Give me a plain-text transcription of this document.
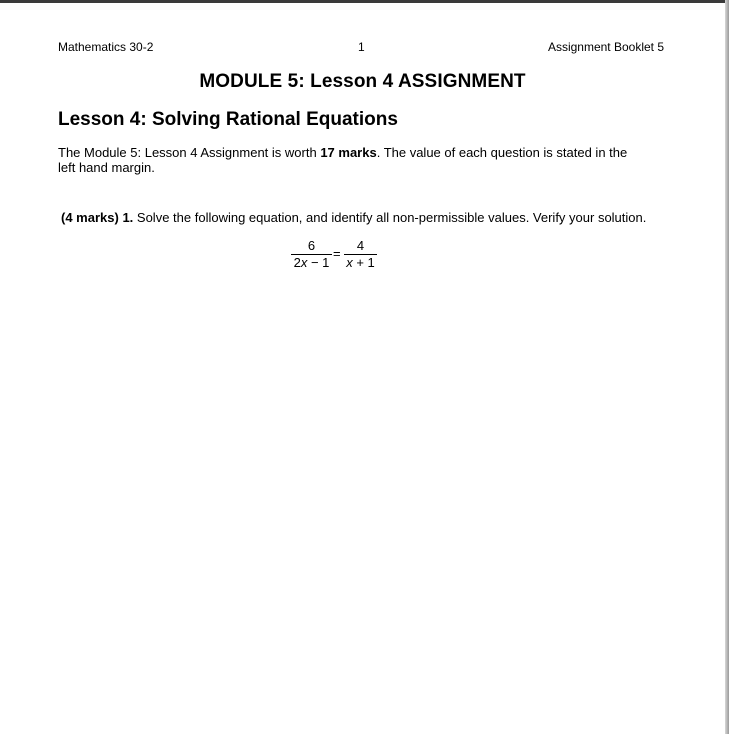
Mathematics 30-2	1	Assignment Booklet 5
MODULE 5: Lesson 4 ASSIGNMENT
Lesson 4: Solving Rational Equations
The Module 5: Lesson 4 Assignment is worth 17 marks. The value of each question is stated in the left hand margin.
(4 marks) 1. Solve the following equation, and identify all non-permissible values. Verify your solution.
6
2x − 1
=
4
x + 1
